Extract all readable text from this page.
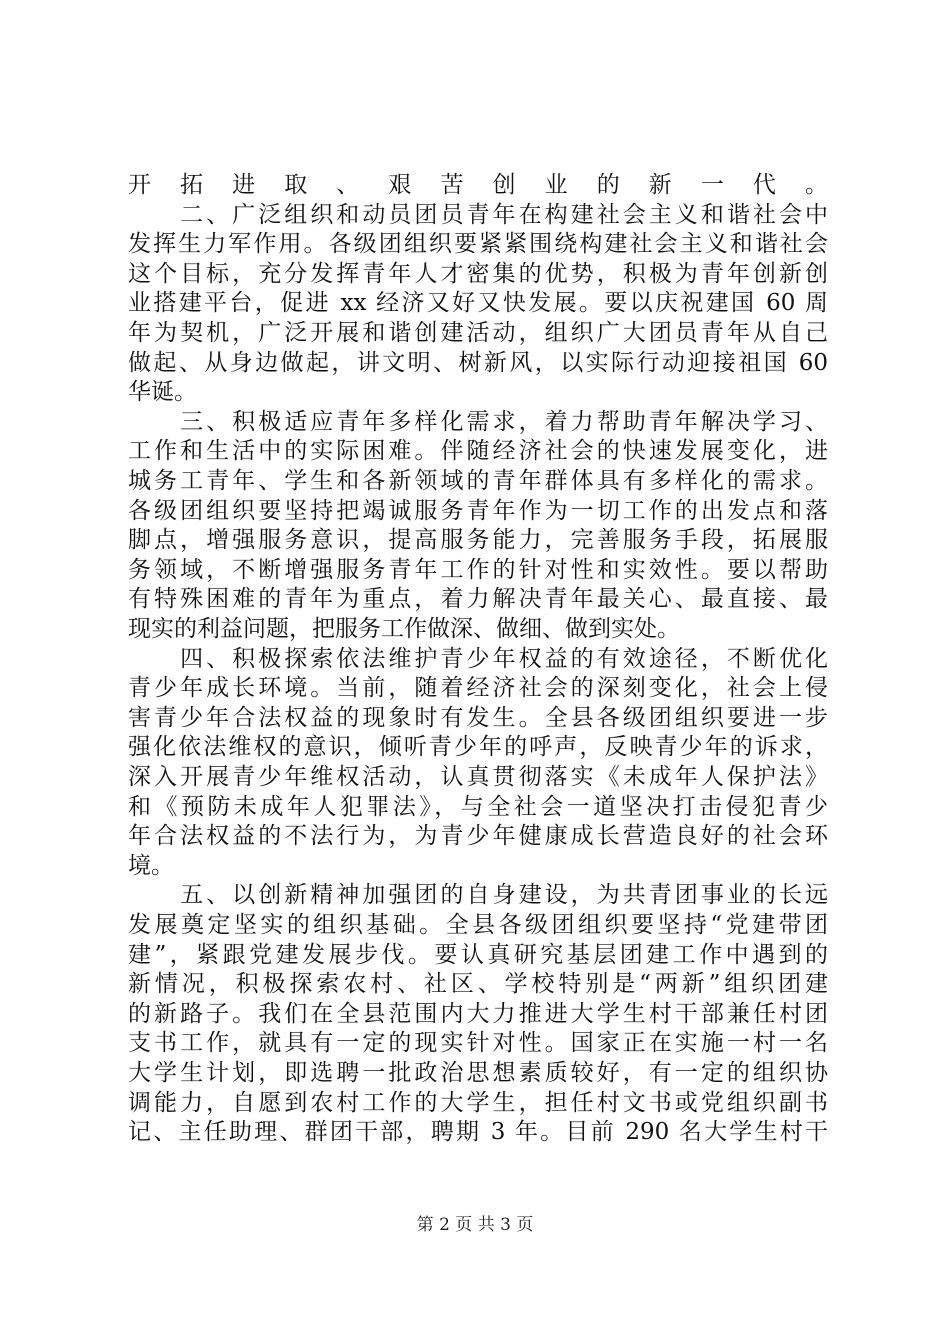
开拓进取、艰苦创业的新一代。
　　二、广泛组织和动员团员青年在构建社会主义和谐社会中
发挥生力军作用。各级团组织要紧紧围绕构建社会主义和谐社会
这个目标，充分发挥青年人才密集的优势，积极为青年创新创
业搭建平台，促进 xx 经济又好又快发展。要以庆祝建国 60 周
年为契机，广泛开展和谐创建活动，组织广大团员青年从自己
做起、从身边做起，讲文明、树新风，以实际行动迎接祖国 60
华诞。
　　三、积极适应青年多样化需求，着力帮助青年解决学习、
工作和生活中的实际困难。伴随经济社会的快速发展变化，进
城务工青年、学生和各新领域的青年群体具有多样化的需求。
各级团组织要坚持把竭诚服务青年作为一切工作的出发点和落
脚点，增强服务意识，提高服务能力，完善服务手段，拓展服
务领域，不断增强服务青年工作的针对性和实效性。要以帮助
有特殊困难的青年为重点，着力解决青年最关心、最直接、最
现实的利益问题，把服务工作做深、做细、做到实处。
　　四、积极探索依法维护青少年权益的有效途径，不断优化
青少年成长环境。当前，随着经济社会的深刻变化，社会上侵
害青少年合法权益的现象时有发生。全县各级团组织要进一步
强化依法维权的意识，倾听青少年的呼声，反映青少年的诉求，
深入开展青少年维权活动，认真贯彻落实《未成年人保护法》
和《预防未成年人犯罪法》，与全社会一道坚决打击侵犯青少
年合法权益的不法行为，为青少年健康成长营造良好的社会环
境。
　　五、以创新精神加强团的自身建设，为共青团事业的长远
发展奠定坚实的组织基础。全县各级团组织要坚持“党建带团
建”，紧跟党建发展步伐。要认真研究基层团建工作中遇到的
新情况，积极探索农村、社区、学校特别是“两新”组织团建
的新路子。我们在全县范围内大力推进大学生村干部兼任村团
支书工作，就具有一定的现实针对性。国家正在实施一村一名
大学生计划，即选聘一批政治思想素质较好，有一定的组织协
调能力，自愿到农村工作的大学生，担任村文书或党组织副书
记、主任助理、群团干部，聘期 3 年。目前 290 名大学生村干
第 2 页 共 3 页
